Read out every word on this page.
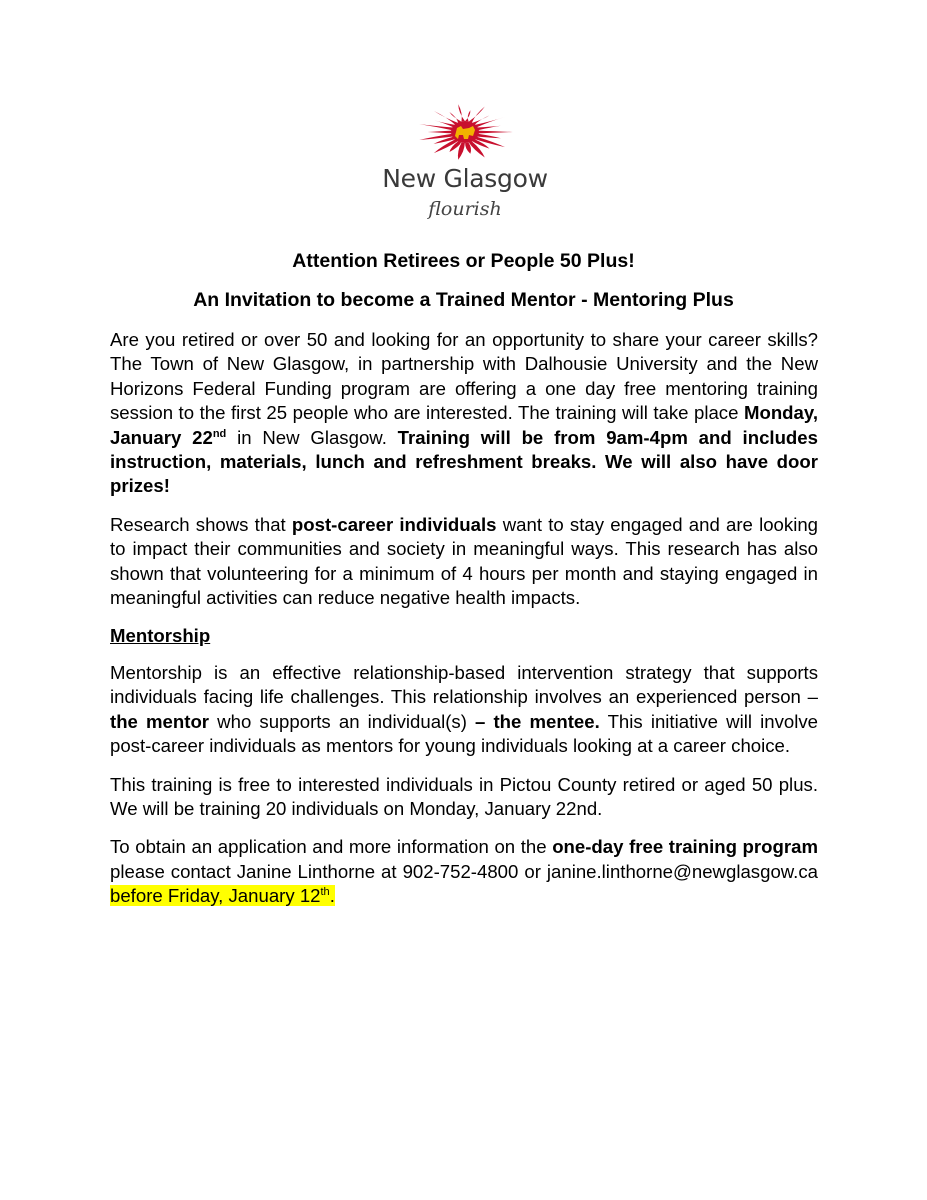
New Glasgow
flourish
Attention Retirees or People 50 Plus!
An Invitation to become a Trained Mentor - Mentoring Plus

Are you retired or over 50 and looking for an opportunity to share your career skills? The Town of New Glasgow, in partnership with Dalhousie University and the New Horizons Federal Funding program are offering a one day free mentoring training session to the first 25 people who are interested. The training will take place Monday, January 22nd in New Glasgow. Training will be from 9am-4pm and includes instruction, materials, lunch and refreshment breaks. We will also have door prizes!

Research shows that post-career individuals want to stay engaged and are looking to impact their communities and society in meaningful ways. This research has also shown that volunteering for a minimum of 4 hours per month and staying engaged in meaningful activities can reduce negative health impacts.

Mentorship

Mentorship is an effective relationship-based intervention strategy that supports individuals facing life challenges. This relationship involves an experienced person – the mentor who supports an individual(s) – the mentee. This initiative will involve post-career individuals as mentors for young individuals looking at a career choice.

This training is free to interested individuals in Pictou County retired or aged 50 plus. We will be training 20 individuals on Monday, January 22nd.

To obtain an application and more information on the one-day free training program please contact Janine Linthorne at 902-752-4800 or janine.linthorne@newglasgow.ca before Friday, January 12th.
